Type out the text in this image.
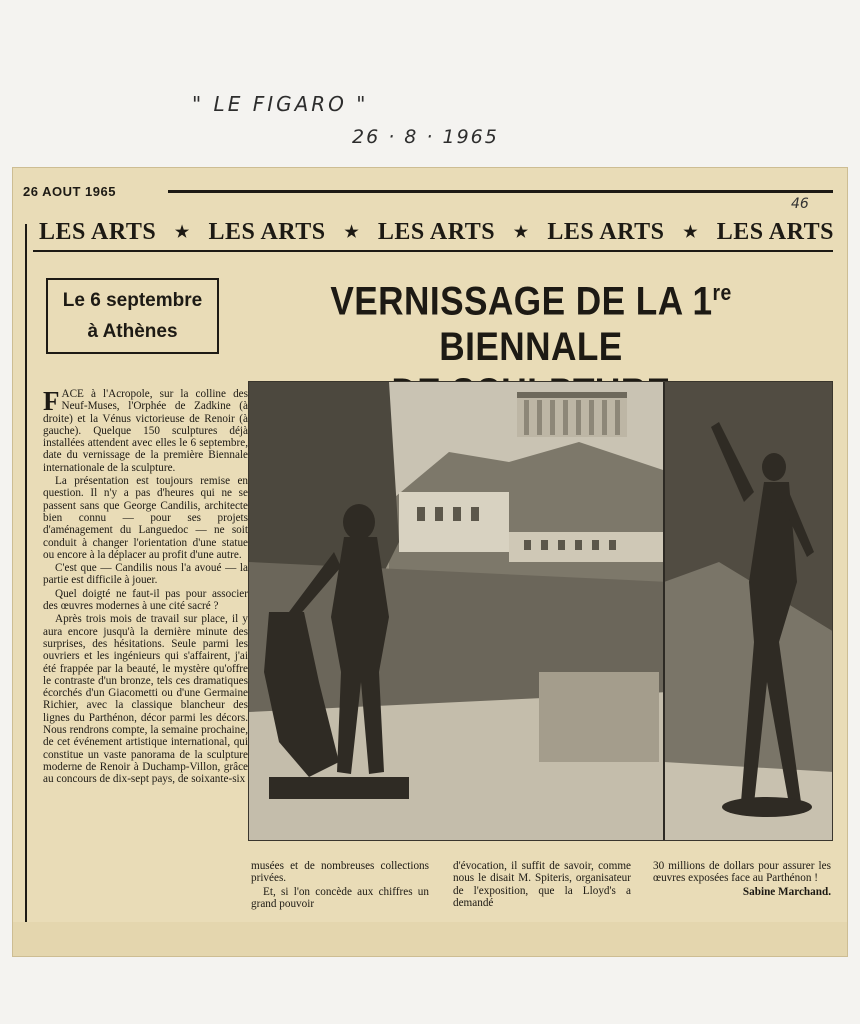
" LE FIGARO "
26 · 8 · 1965
26 AOUT 1965
46
LES ARTS ★ LES ARTS ★ LES ARTS ★ LES ARTS ★ LES ARTS
Le 6 septembre
à Athènes
VERNISSAGE DE LA 1re BIENNALE

FACE à l'Acropole, sur la colline des Neuf-Muses, l'Orphée de Zadkine (à droite) et la Vénus victorieuse de Renoir (à gauche). Quelque 150 sculptures déjà installées attendent avec elles le 6 septembre, date du vernissage de la première Biennale internationale de la sculpture.

La présentation est toujours remise en question. Il n'y a pas d'heures qui ne se passent sans que George Candilis, architecte bien connu — pour ses projets d'aménagement du Languedoc — ne soit conduit à changer l'orientation d'une statue ou encore à la déplacer au profit d'une autre.

C'est que — Candilis nous l'a avoué — la partie est difficile à jouer.

Quel doigté ne faut-il pas pour associer des œuvres modernes à une cité sacré ?

Après trois mois de travail sur place, il y aura encore jusqu'à la dernière minute des surprises, des hésitations. Seule parmi les ouvriers et les ingénieurs qui s'affairent, j'ai été frappée par la beauté, le mystère qu'offre le contraste d'un bronze, tels ces dramatiques écorchés d'un Giacometti ou d'une Germaine Richier, avec la classique blancheur des lignes du Parthénon, décor parmi les décors. Nous rendrons compte, la semaine prochaine, de cet événement artistique international, qui constitue un vaste panorama de la sculpture moderne de Renoir à Duchamp-Villon, grâce au concours de dix-sept pays, de soixante-six

musées et de nombreuses collections privées.

Et, si l'on concède aux chiffres un grand pouvoir

d'évocation, il suffit de savoir, comme nous le disait M. Spiteris, organisateur de l'exposition, que la Lloyd's a demandé

30 millions de dollars pour assurer les œuvres exposées face au Parthénon !

Sabine Marchand.
